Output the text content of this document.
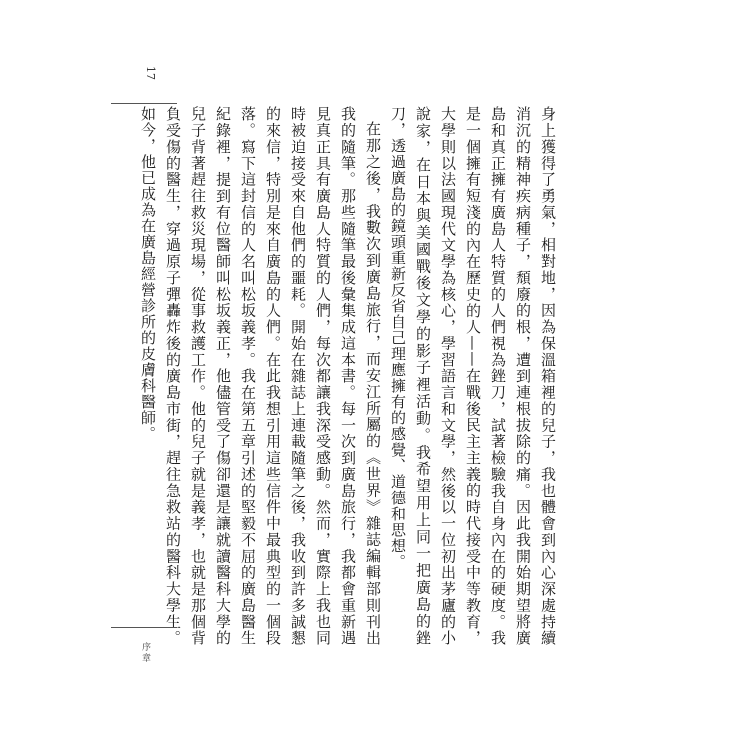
17

身上獲得了勇氣，相對地，因為保溫箱裡的兒子，我也體會到內心深處持續消沉的精神疾病種子，頹廢的根，遭到連根拔除的痛。因此我開始期望將廣島和真正擁有廣島人特質的人們視為銼刀，試著檢驗我自身內在的硬度。我是一個擁有短淺的內在歷史的人——在戰後民主主義的時代接受中等教育，大學則以法國現代文學為核心，學習語言和文學，然後以一位初出茅廬的小說家，在日本與美國戰後文學的影子裡活動。我希望用上同一把廣島的銼刀，透過廣島的鏡頭重新反省自己理應擁有的感覺、道德和思想。

在那之後，我數次到廣島旅行，而安江所屬的《世界》雜誌編輯部則刊出我的隨筆。那些隨筆最後彙集成這本書。每一次到廣島旅行，我都會重新遇見真正具有廣島人特質的人們，每次都讓我深受感動。然而，實際上我也同時被迫接受來自他們的噩耗。開始在雜誌上連載隨筆之後，我收到許多誠懇的來信，特別是來自廣島的人們。在此我想引用這些信件中最典型的一個段落。寫下這封信的人名叫松坂義孝。我在第五章引述的堅毅不屈的廣島醫生紀錄裡，提到有位醫師叫松坂義正，他儘管受了傷卻還是讓就讀醫科大學的兒子背著趕往救災現場，從事救護工作。他的兒子就是義孝，也就是那個背負受傷的醫生，穿過原子彈轟炸後的廣島市街，趕往急救站的醫科大學生。如今，他已成為在廣島經營診所的皮膚科醫師。

序章
